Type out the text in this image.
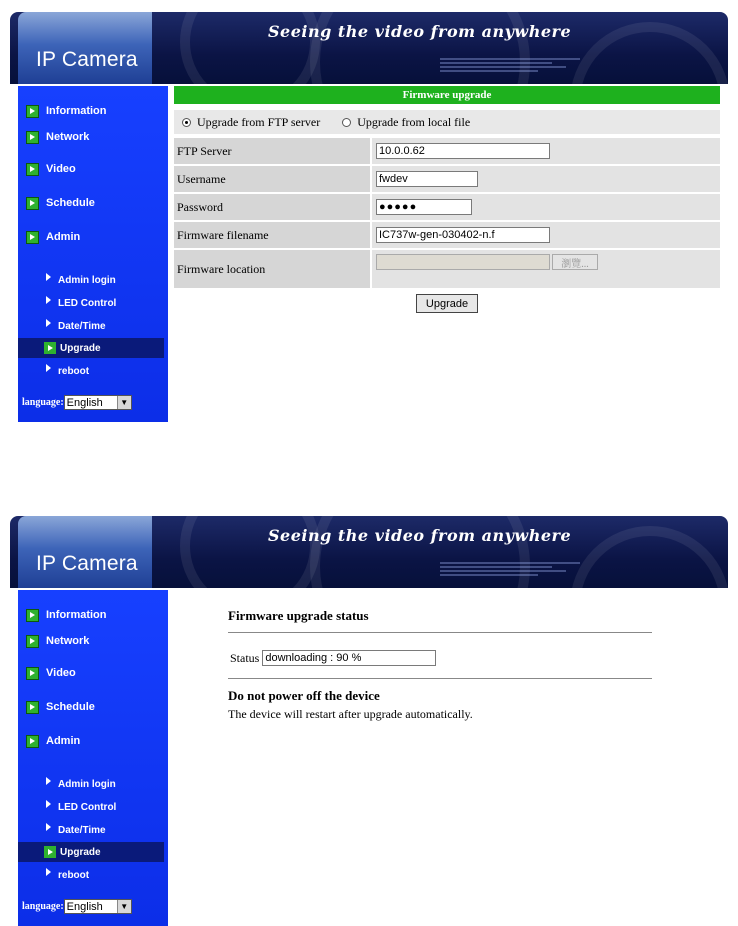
IP Camera
Seeing the video from anywhere
Information
Network
Video
Schedule
Admin
Admin login
LED Control
Date/Time
Upgrade
reboot
language: English	▼
Firmware upgrade
Upgrade from FTP server	Upgrade from local file
FTP Server	10.0.0.62
Username	fwdev
Password	●●●●●
Firmware filename	IC737w-gen-030402-n.f
Firmware location	瀏覽...
Upgrade
IP Camera
Seeing the video from anywhere
Information
Network
Video
Schedule
Admin
Admin login
LED Control
Date/Time
Upgrade
reboot
language: English	▼
Firmware upgrade status
Status downloading : 90 %
Do not power off the device
The device will restart after upgrade automatically.
